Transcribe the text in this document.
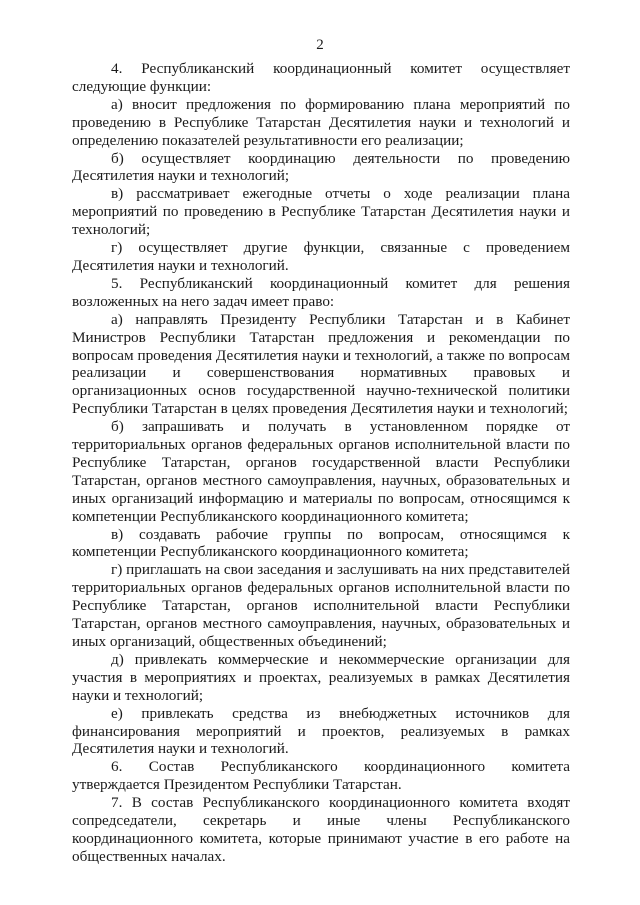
2

4. Республиканский координационный комитет осуществляет следующие функции:

а) вносит предложения по формированию плана мероприятий по проведению в Республике Татарстан Десятилетия науки и технологий и определению показателей результативности его реализации;

б) осуществляет координацию деятельности по проведению Десятилетия науки и технологий;

в) рассматривает ежегодные отчеты о ходе реализации плана мероприятий по проведению в Республике Татарстан Десятилетия науки и технологий;

г) осуществляет другие функции, связанные с проведением Десятилетия науки и технологий.

5. Республиканский координационный комитет для решения возложенных на него задач имеет право:

а) направлять Президенту Республики Татарстан и в Кабинет Министров Республики Татарстан предложения и рекомендации по вопросам проведения Десятилетия науки и технологий, а также по вопросам реализации и совершенствования нормативных правовых и организационных основ государственной научно-технической политики Республики Татарстан в целях проведения Десятилетия науки и технологий;

б) запрашивать и получать в установленном порядке от территориальных органов федеральных органов исполнительной власти по Республике Татарстан, органов государственной власти Республики Татарстан, органов местного самоуправления, научных, образовательных и иных организаций информацию и материалы по вопросам, относящимся к компетенции Республиканского координационного комитета;

в) создавать рабочие группы по вопросам, относящимся к компетенции Республиканского координационного комитета;

г) приглашать на свои заседания и заслушивать на них представителей территориальных органов федеральных органов исполнительной власти по Республике Татарстан, органов исполнительной власти Республики Татарстан, органов местного самоуправления, научных, образовательных и иных организаций, общественных объединений;

д) привлекать коммерческие и некоммерческие организации для участия в мероприятиях и проектах, реализуемых в рамках Десятилетия науки и технологий;

е) привлекать средства из внебюджетных источников для финансирования мероприятий и проектов, реализуемых в рамках Десятилетия науки и технологий.

6. Состав Республиканского координационного комитета утверждается Президентом Республики Татарстан.

7. В состав Республиканского координационного комитета входят сопредседатели, секретарь и иные члены Республиканского координационного комитета, которые принимают участие в его работе на общественных началах.
